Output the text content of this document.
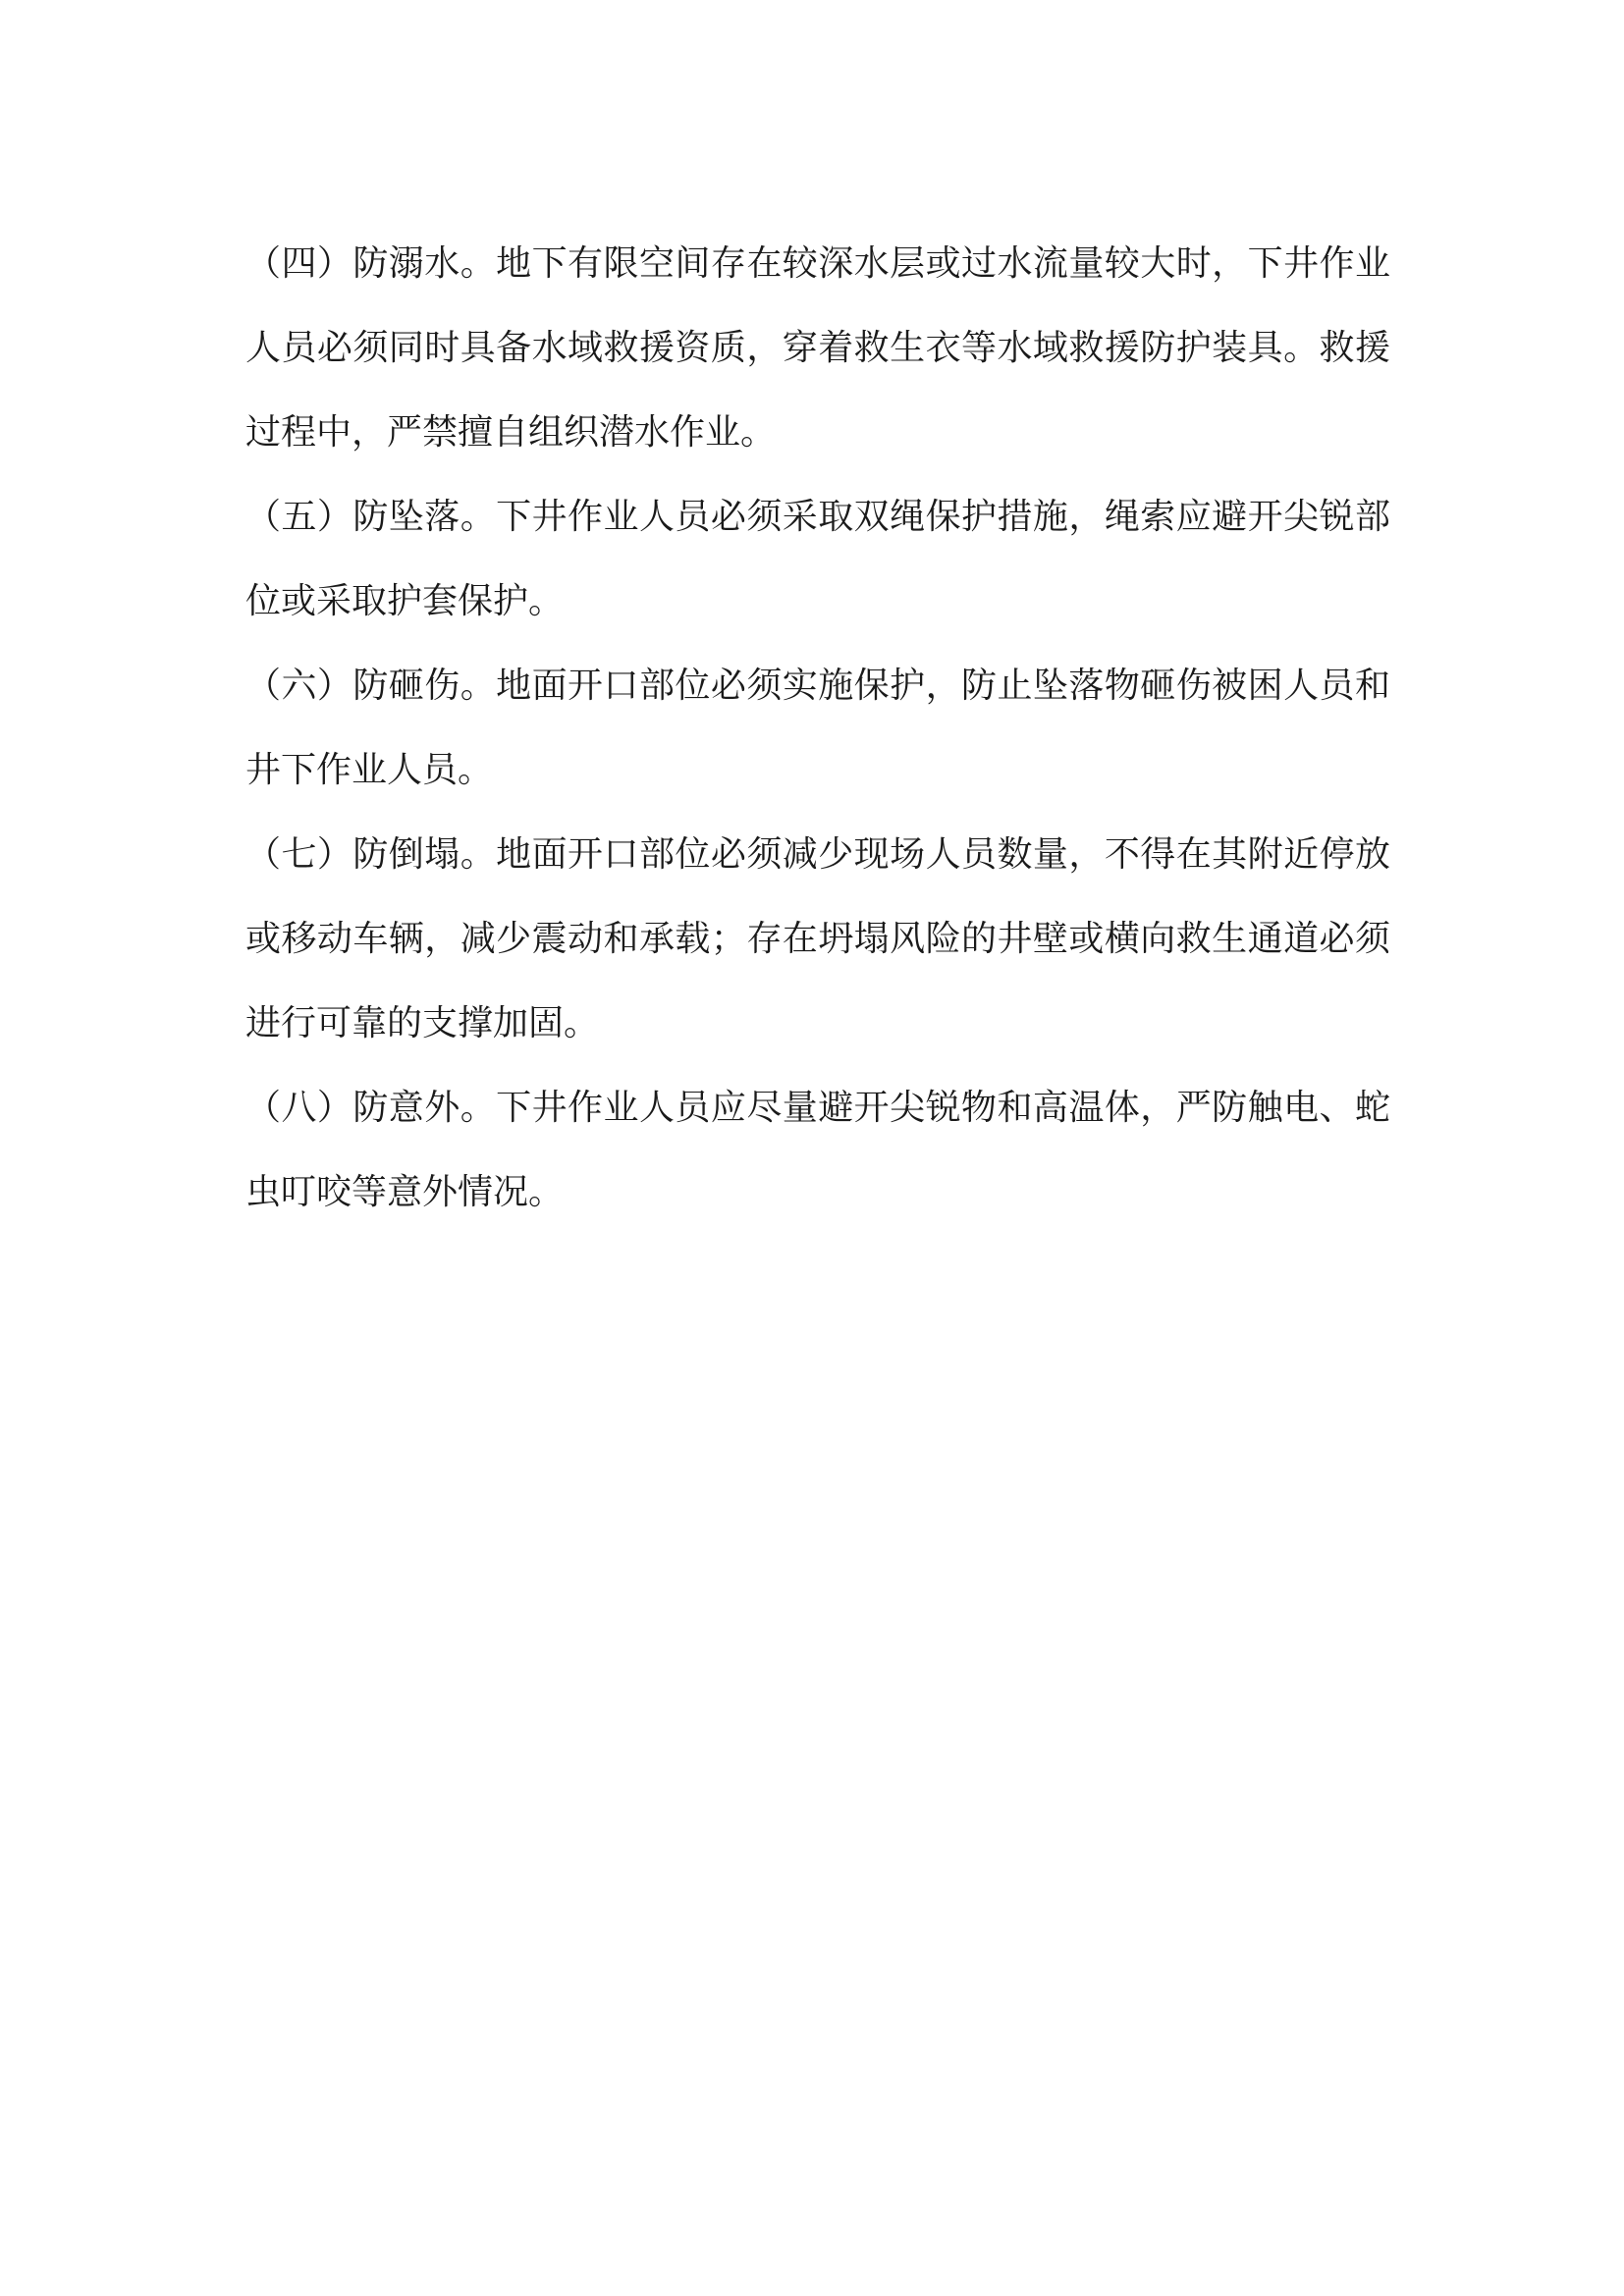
（四）防溺水。地下有限空间存在较深水层或过水流量较大时，下井作业人员必须同时具备水域救援资质，穿着救生衣等水域救援防护装具。救援过程中，严禁擅自组织潜水作业。

（五）防坠落。下井作业人员必须采取双绳保护措施，绳索应避开尖锐部位或采取护套保护。

（六）防砸伤。地面开口部位必须实施保护，防止坠落物砸伤被困人员和井下作业人员。

（七）防倒塌。地面开口部位必须减少现场人员数量，不得在其附近停放或移动车辆，减少震动和承载；存在坍塌风险的井壁或横向救生通道必须进行可靠的支撑加固。

（八）防意外。下井作业人员应尽量避开尖锐物和高温体，严防触电、蛇虫叮咬等意外情况。
